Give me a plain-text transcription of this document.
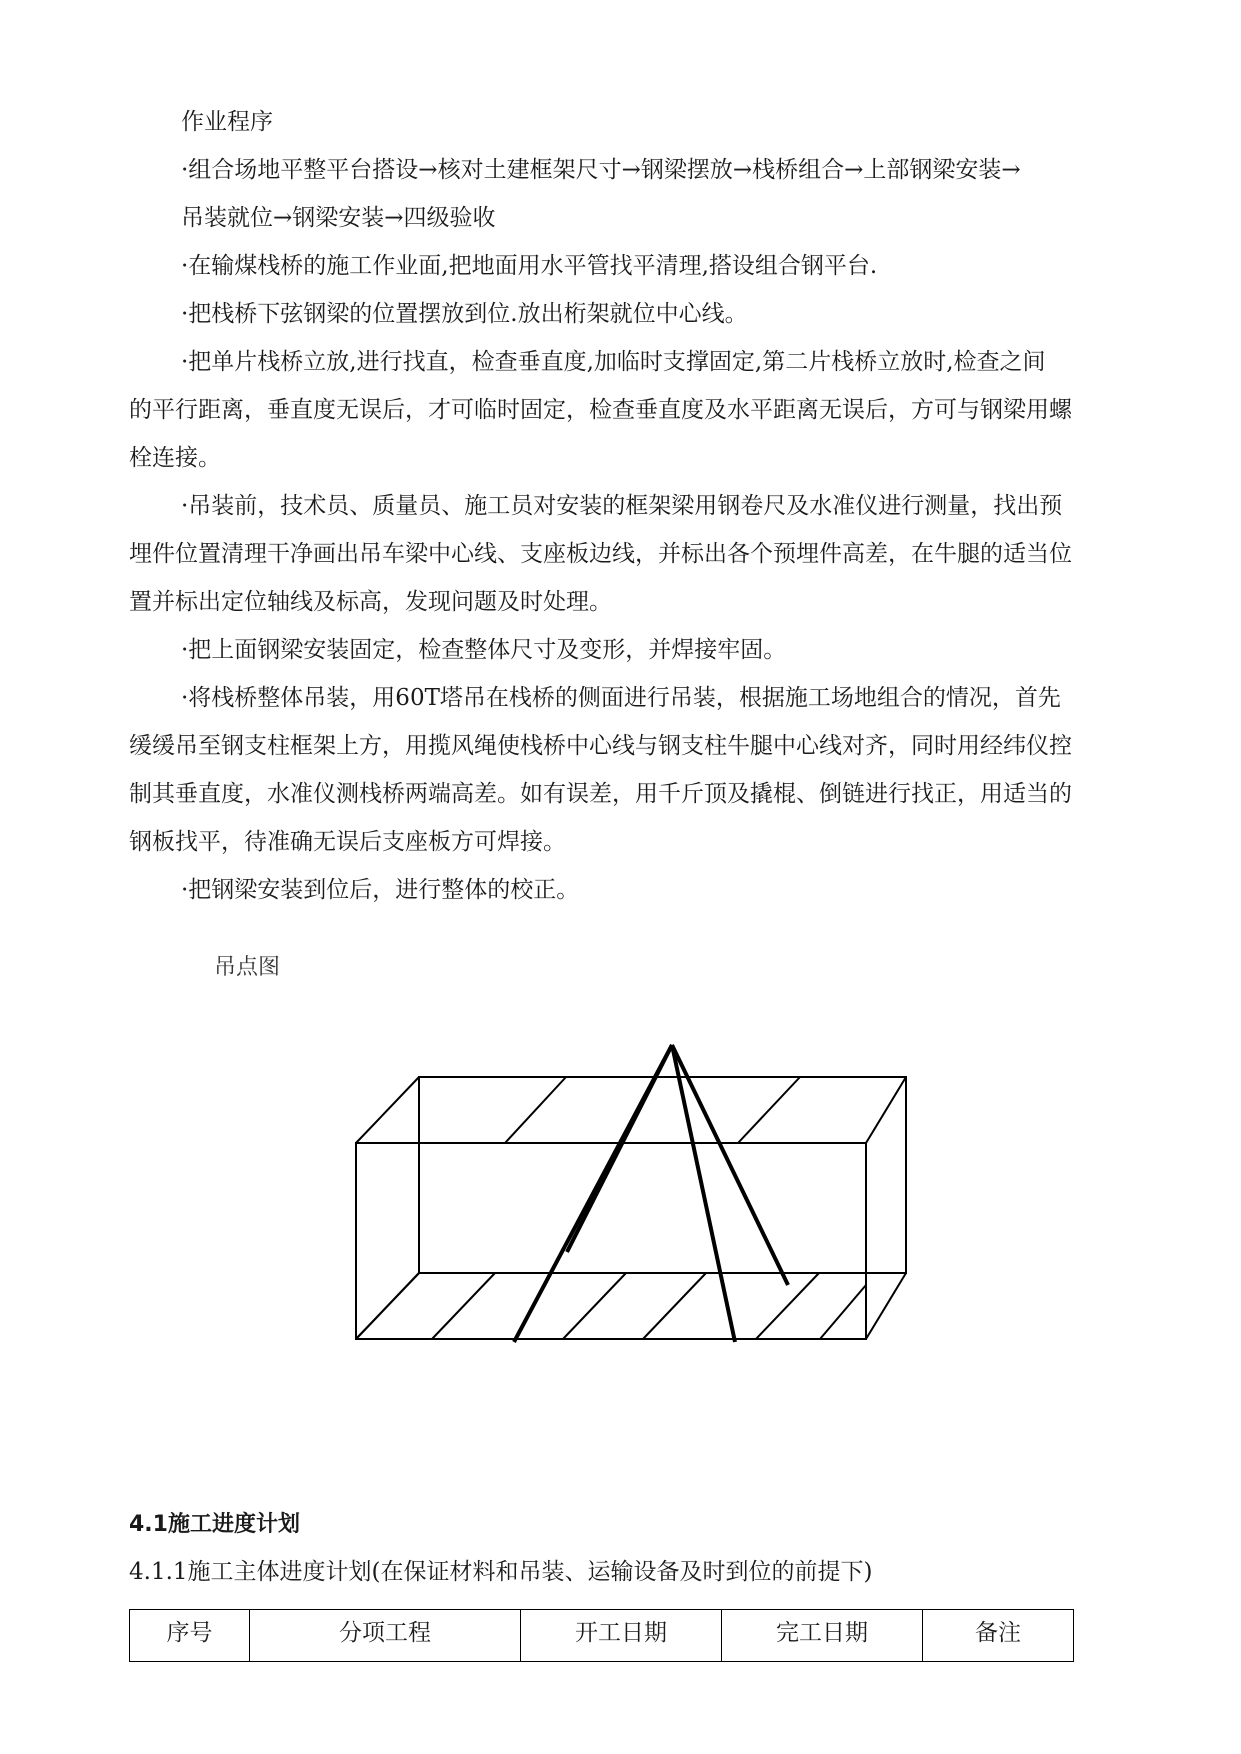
作业程序
·组合场地平整平台搭设→核对土建框架尺寸→钢梁摆放→栈桥组合→上部钢梁安装→
吊装就位→钢梁安装→四级验收
·在输煤栈桥的施工作业面,把地面用水平管找平清理,搭设组合钢平台.
·把栈桥下弦钢梁的位置摆放到位.放出桁架就位中心线。
·把单片栈桥立放,进行找直，检查垂直度,加临时支撑固定,第二片栈桥立放时,检查之间
的平行距离，垂直度无误后，才可临时固定，检查垂直度及水平距离无误后，方可与钢梁用螺
栓连接。
·吊装前，技术员、质量员、施工员对安装的框架梁用钢卷尺及水准仪进行测量，找出预
埋件位置清理干净画出吊车梁中心线、支座板边线，并标出各个预埋件高差，在牛腿的适当位
置并标出定位轴线及标高，发现问题及时处理。
·把上面钢梁安装固定，检查整体尺寸及变形，并焊接牢固。
·将栈桥整体吊装，用60T塔吊在栈桥的侧面进行吊装，根据施工场地组合的情况，首先
缓缓吊至钢支柱框架上方，用揽风绳使栈桥中心线与钢支柱牛腿中心线对齐，同时用经纬仪控
制其垂直度，水准仪测栈桥两端高差。如有误差，用千斤顶及撬棍、倒链进行找正，用适当的
钢板找平，待准确无误后支座板方可焊接。
·把钢梁安装到位后，进行整体的校正。
吊点图
4.1施工进度计划
4.1.1施工主体进度计划(在保证材料和吊装、运输设备及时到位的前提下)
序号	分项工程	开工日期	完工日期	备注
